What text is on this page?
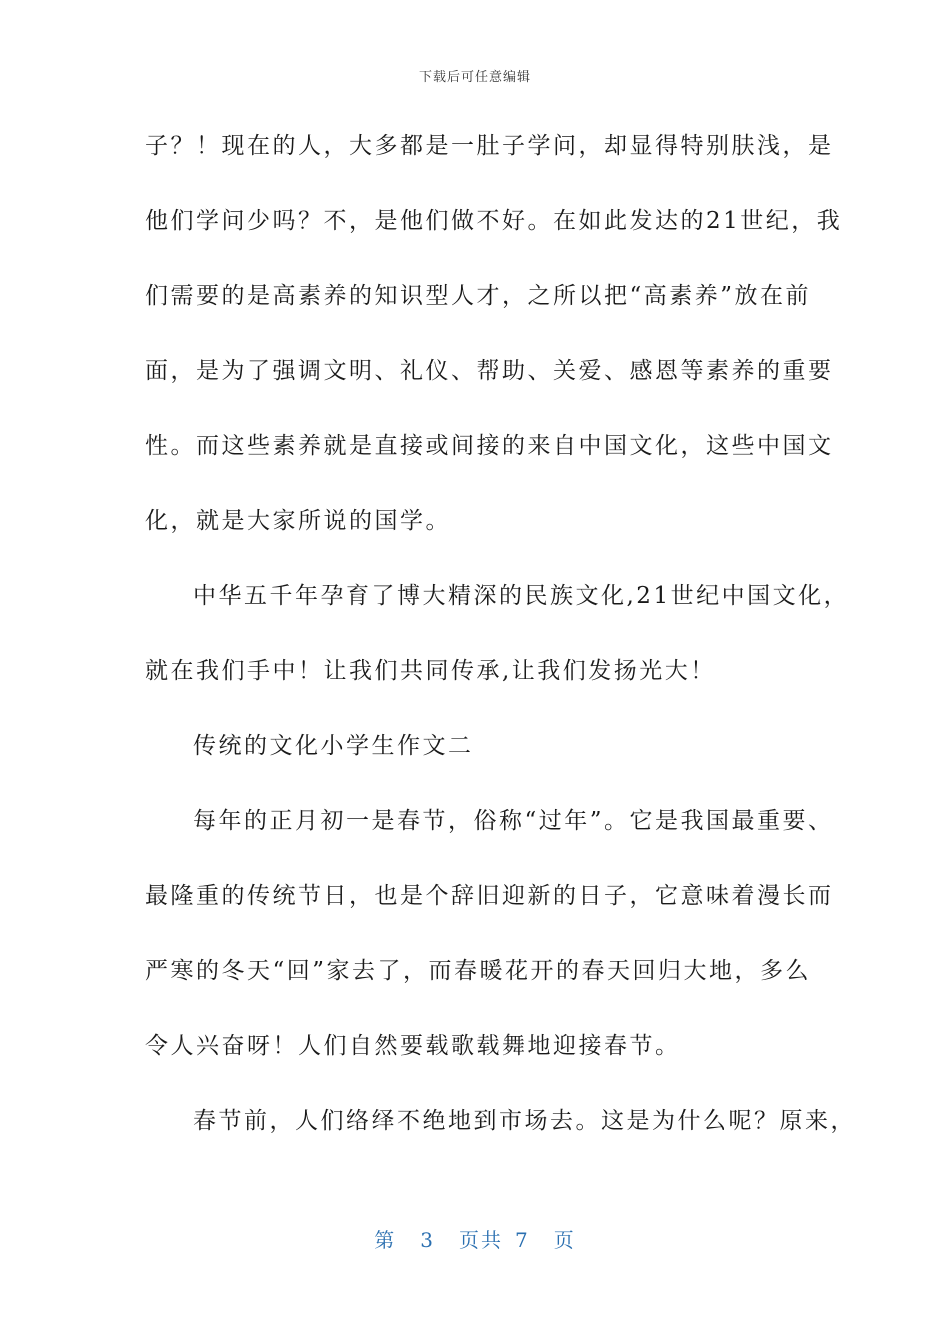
下载后可任意编辑
子？！现在的人，大多都是一肚子学问，却显得特别肤浅，是
他们学问少吗？不，是他们做不好。在如此发达的21世纪，我
们需要的是高素养的知识型人才，之所以把“高素养”放在前
面，是为了强调文明、礼仪、帮助、关爱、感恩等素养的重要
性。而这些素养就是直接或间接的来自中国文化，这些中国文
化，就是大家所说的国学。
中华五千年孕育了博大精深的民族文化,21世纪中国文化，
就在我们手中！让我们共同传承,让我们发扬光大！
传统的文化小学生作文二
每年的正月初一是春节，俗称“过年”。它是我国最重要、
最隆重的传统节日，也是个辞旧迎新的日子，它意味着漫长而
严寒的冬天“回”家去了，而春暖花开的春天回归大地，多么
令人兴奋呀！人们自然要载歌载舞地迎接春节。
春节前，人们络绎不绝地到市场去。这是为什么呢？原来，
第 3 页共 7 页
